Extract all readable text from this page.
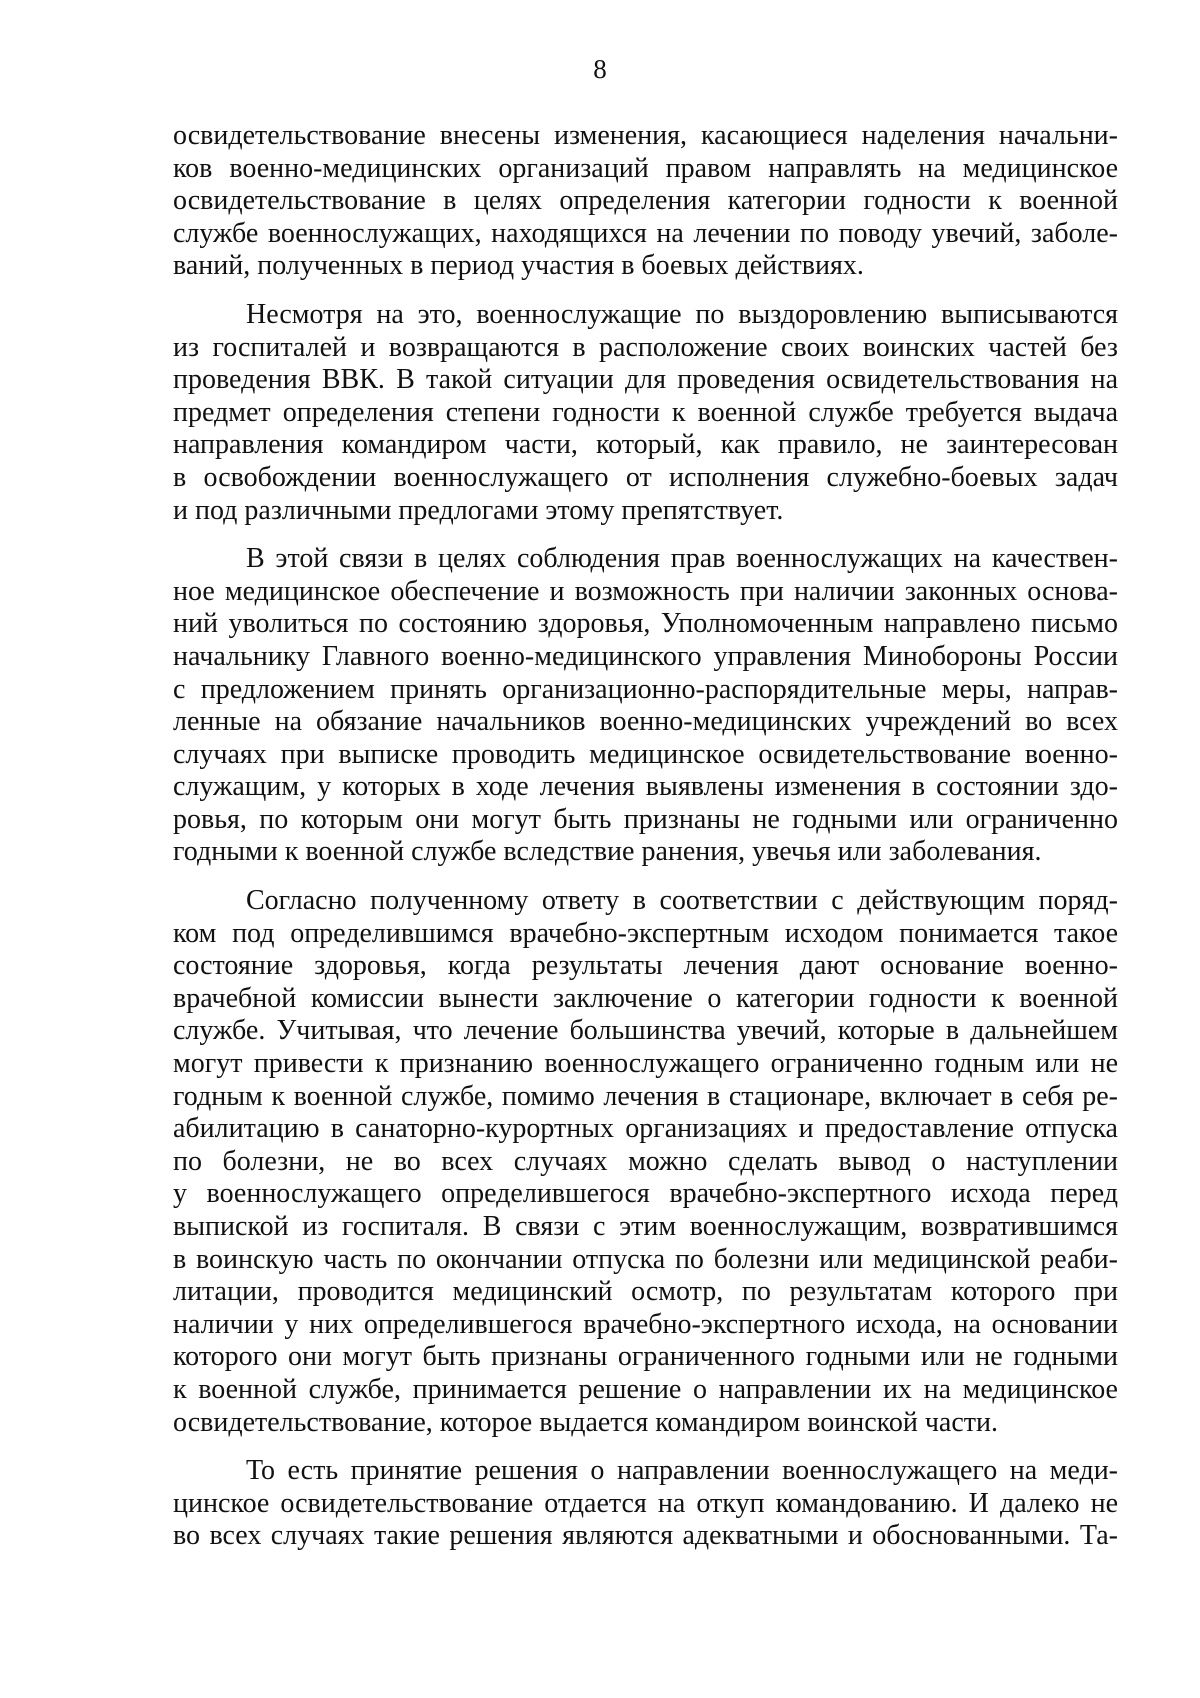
8
освидетельствование внесены изменения, касающиеся наделения начальни-
ков военно-медицинских организаций правом направлять на медицинское
освидетельствование в целях определения категории годности к военной
службе военнослужащих, находящихся на лечении по поводу увечий, заболе-
ваний, полученных в период участия в боевых действиях.
Несмотря на это, военнослужащие по выздоровлению выписываются
из госпиталей и возвращаются в расположение своих воинских частей без
проведения ВВК. В такой ситуации для проведения освидетельствования на
предмет определения степени годности к военной службе требуется выдача
направления командиром части, который, как правило, не заинтересован
в освобождении военнослужащего от исполнения служебно-боевых задач
и под различными предлогами этому препятствует.
В этой связи в целях соблюдения прав военнослужащих на качествен-
ное медицинское обеспечение и возможность при наличии законных основа-
ний уволиться по состоянию здоровья, Уполномоченным направлено письмо
начальнику Главного военно-медицинского управления Минобороны России
с предложением принять организационно-распорядительные меры, направ-
ленные на обязание начальников военно-медицинских учреждений во всех
случаях при выписке проводить медицинское освидетельствование военно-
служащим, у которых в ходе лечения выявлены изменения в состоянии здо-
ровья, по которым они могут быть признаны не годными или ограниченно
годными к военной службе вследствие ранения, увечья или заболевания.
Согласно полученному ответу в соответствии с действующим поряд-
ком под определившимся врачебно-экспертным исходом понимается такое
состояние здоровья, когда результаты лечения дают основание военно-
врачебной комиссии вынести заключение о категории годности к военной
службе. Учитывая, что лечение большинства увечий, которые в дальнейшем
могут привести к признанию военнослужащего ограниченно годным или не
годным к военной службе, помимо лечения в стационаре, включает в себя ре-
абилитацию в санаторно-курортных организациях и предоставление отпуска
по болезни, не во всех случаях можно сделать вывод о наступлении
у военнослужащего определившегося врачебно-экспертного исхода перед
выпиской из госпиталя. В связи с этим военнослужащим, возвратившимся
в воинскую часть по окончании отпуска по болезни или медицинской реаби-
литации, проводится медицинский осмотр, по результатам которого при
наличии у них определившегося врачебно-экспертного исхода, на основании
которого они могут быть признаны ограниченного годными или не годными
к военной службе, принимается решение о направлении их на медицинское
освидетельствование, которое выдается командиром воинской части.
То есть принятие решения о направлении военнослужащего на меди-
цинское освидетельствование отдается на откуп командованию. И далеко не
во всех случаях такие решения являются адекватными и обоснованными. Та-
